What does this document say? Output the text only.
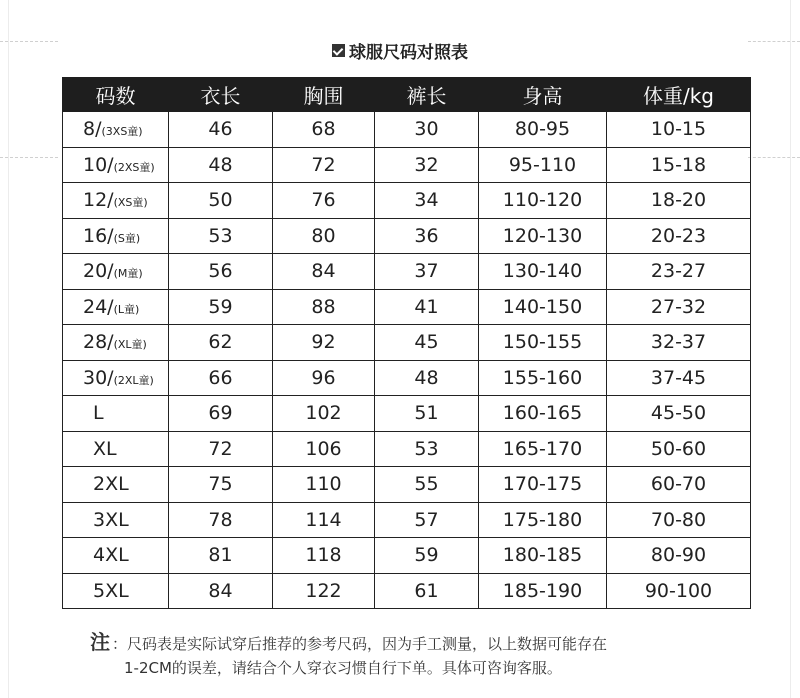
球服尺码对照表
码数	衣长	胸围	裤长	身高	体重/kg
8/(3XS童)	46	68	30	80-95	10-15
10/(2XS童)	48	72	32	95-110	15-18
12/(XS童)	50	76	34	110-120	18-20
16/(S童)	53	80	36	120-130	20-23
20/(M童)	56	84	37	130-140	23-27
24/(L童)	59	88	41	140-150	27-32
28/(XL童)	62	92	45	150-155	32-37
30/(2XL童)	66	96	48	155-160	37-45
L	69	102	51	160-165	45-50
XL	72	106	53	165-170	50-60
2XL	75	110	55	170-175	60-70
3XL	78	114	57	175-180	70-80
4XL	81	118	59	180-185	80-90
5XL	84	122	61	185-190	90-100
注 ：尺码表是实际试穿后推荐的参考尺码，因为手工测量，以上数据可能存在
1-2CM的误差，请结合个人穿衣习惯自行下单。具体可咨询客服。
